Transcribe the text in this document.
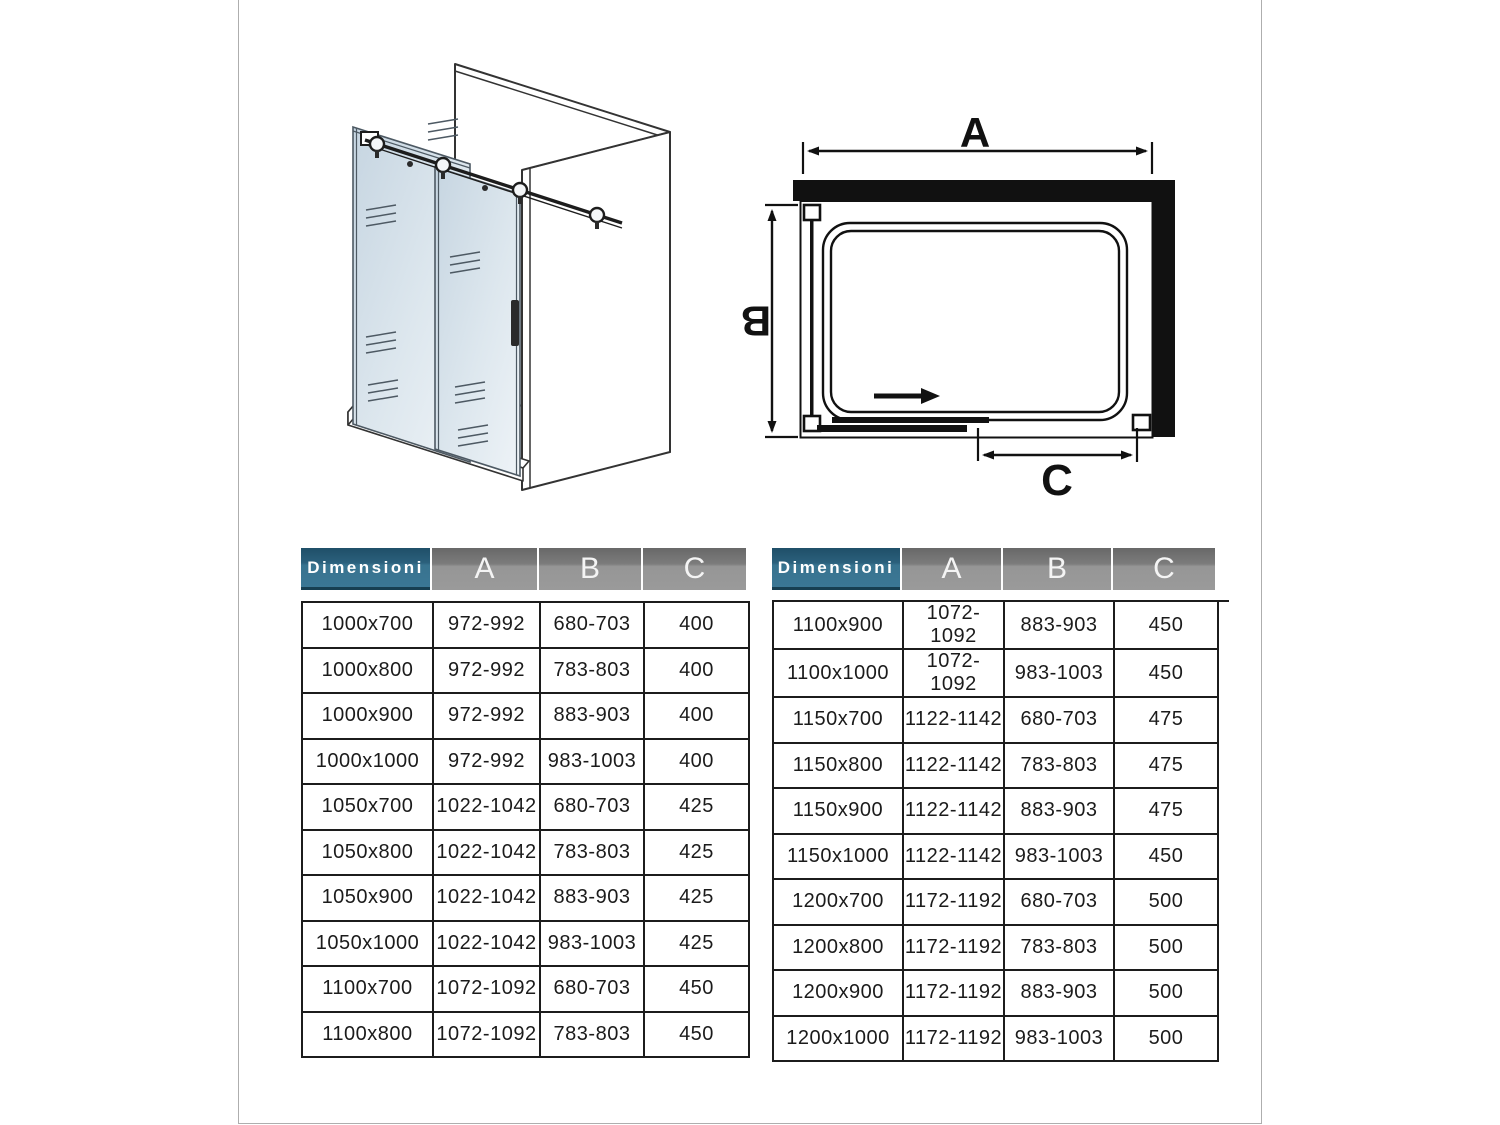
A
B
C
Dimensioni	A	B	C
1000x700	972-992	680-703	400
1000x800	972-992	783-803	400
1000x900	972-992	883-903	400
1000x1000	972-992	983-1003	400
1050x700	1022-1042	680-703	425
1050x800	1022-1042	783-803	425
1050x900	1022-1042	883-903	425
1050x1000	1022-1042	983-1003	425
1100x700	1072-1092	680-703	450
1100x800	1072-1092	783-803	450
Dimensioni	A	B	C
1100x900	1072-1092	883-903	450
1100x1000	1072-1092	983-1003	450
1150x700	1122-1142	680-703	475
1150x800	1122-1142	783-803	475
1150x900	1122-1142	883-903	475
1150x1000	1122-1142	983-1003	450
1200x700	1172-1192	680-703	500
1200x800	1172-1192	783-803	500
1200x900	1172-1192	883-903	500
1200x1000	1172-1192	983-1003	500
